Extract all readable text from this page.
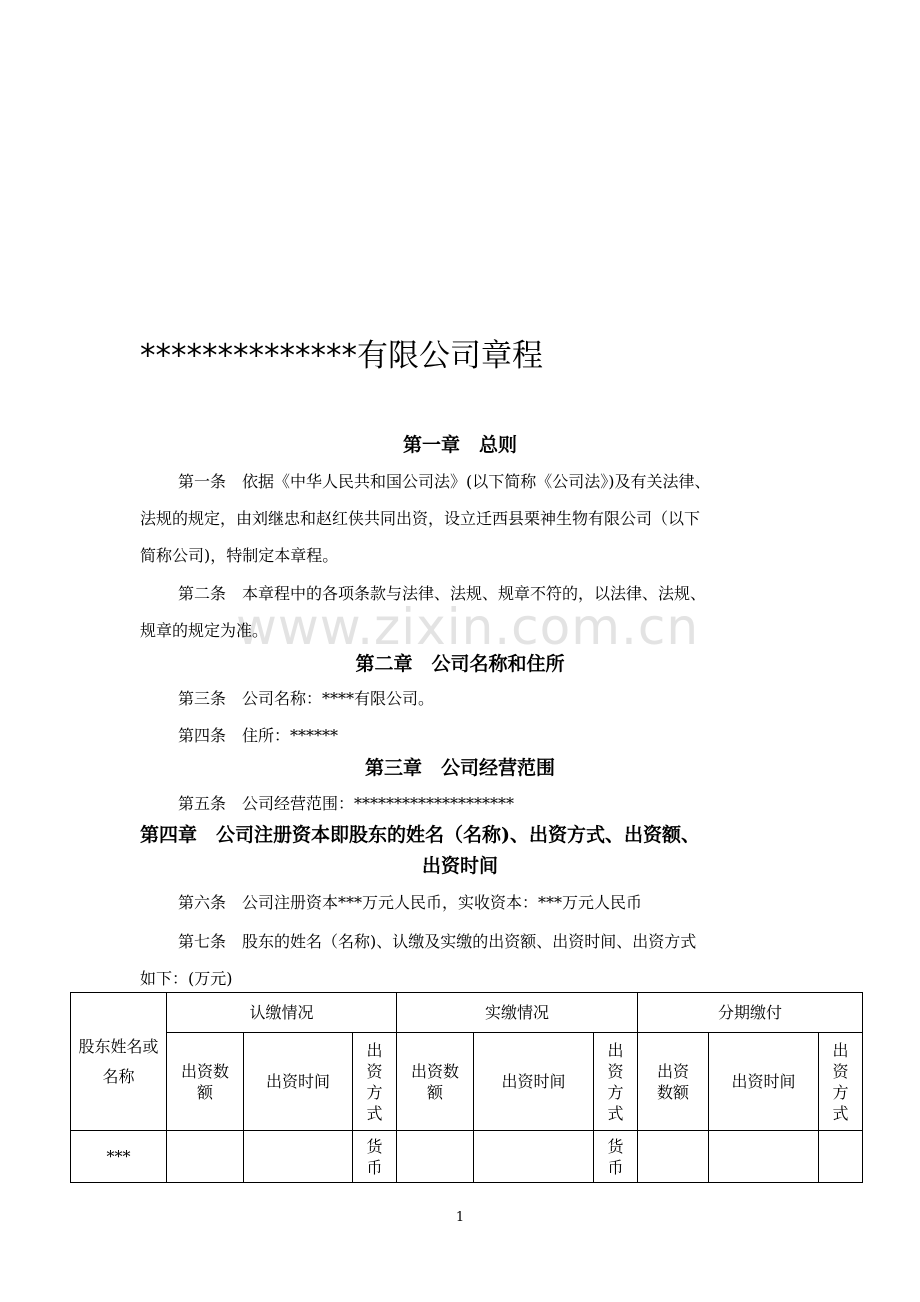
www.zixin.com.cn
**************有限公司章程
第一章　总则
第一条　依据《中华人民共和国公司法》(以下简称《公司法》)及有关法律、
法规的规定，由刘继忠和赵红侠共同出资，设立迁西县栗神生物有限公司（以下
简称公司)，特制定本章程。
第二条　本章程中的各项条款与法律、法规、规章不符的，以法律、法规、
规章的规定为准。
第二章　公司名称和住所
第三条　公司名称：****有限公司。
第四条　住所：******
第三章　公司经营范围
第五条　公司经营范围：********************
第四章　公司注册资本即股东的姓名（名称)、出资方式、出资额、
出资时间
第六条　公司注册资本***万元人民币，实收资本：***万元人民币
第七条　股东的姓名（名称)、认缴及实缴的出资额、出资时间、出资方式
如下：(万元)
股东姓名或名称	认缴情况			实缴情况			分期缴付		

	出资数额	出资时间	出资方式	出资数额	出资时间	出资方式	出资数额	出资时间	出资方式

***			货币			货币			

1
